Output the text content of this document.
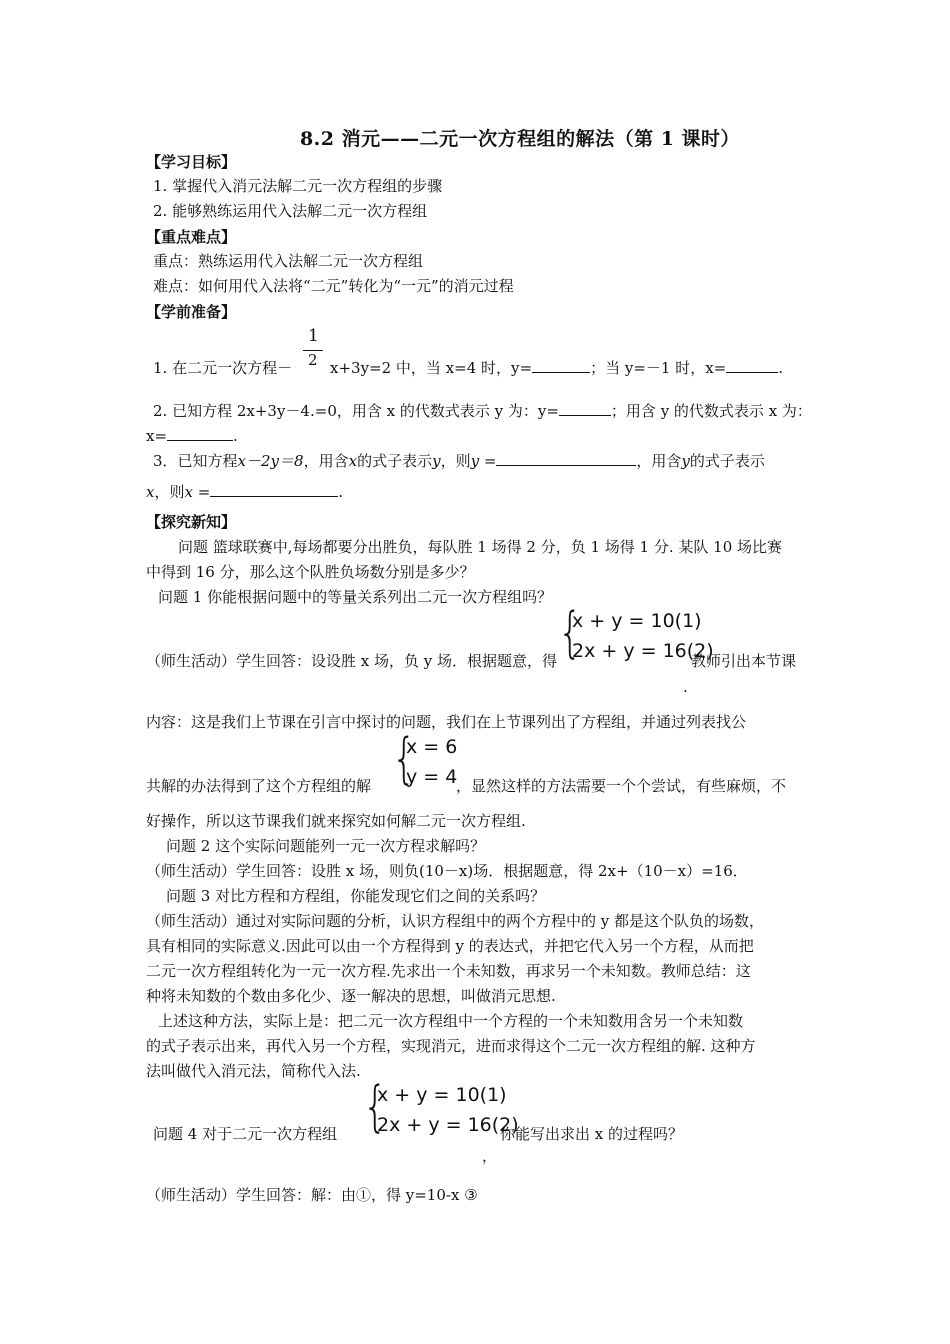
8.2 消元——二元一次方程组的解法（第 1 课时）
【学习目标】
1. 掌握代入消元法解二元一次方程组的步骤
2. 能够熟练运用代入法解二元一次方程组
【重点难点】
重点：熟练运用代入法解二元一次方程组
难点：如何用代入法将“二元”转化为“一元”的消元过程
【学前准备】
1. 在二元一次方程－
1
2 x+3y=2 中，当 x=4 时，y=	；当 y=－1 时，x=	.
2. 已知方程 2x+3y－4.=0，用含 x 的代数式表示 y 为：y=	；用含 y 的代数式表示 x 为：
x=	.
3．已知方程x－2y＝8，用含x的式子表示y，则y =	，用含y的式子表示
x，则x =	.
【探究新知】
问题 篮球联赛中,每场都要分出胜负，每队胜 1 场得 2 分，负 1 场得 1 分. 某队 10 场比赛
中得到 16 分，那么这个队胜负场数分别是多少？
问题 1 你能根据问题中的等量关系列出二元一次方程组吗？
{
x + y = 10(1)
2x + y = 16(2)
（师生活动）学生回答：设设胜 x 场，负 y 场．根据题意，得	教师引出本节课
.
内容：这是我们上节课在引言中探讨的问题，我们在上节课列出了方程组，并通过列表找公
{
x = 6
y = 4
共解的办法得到了这个方程组的解	，显然这样的方法需要一个个尝试，有些麻烦，不
好操作，所以这节课我们就来探究如何解二元一次方程组.
问题 2 这个实际问题能列一元一次方程求解吗？
（师生活动）学生回答：设胜 x 场，则负(10－x)场．根据题意，得 2x+（10－x）=16．
问题 3 对比方程和方程组，你能发现它们之间的关系吗？
（师生活动）通过对实际问题的分析，认识方程组中的两个方程中的 y 都是这个队负的场数，
具有相同的实际意义.因此可以由一个方程得到 y 的表达式，并把它代入另一个方程，从而把
二元一次方程组转化为一元一次方程.先求出一个未知数，再求另一个未知数。教师总结：这
种将未知数的个数由多化少、逐一解决的思想，叫做消元思想.
上述这种方法，实际上是：把二元一次方程组中一个方程的一个未知数用含另一个未知数
的式子表示出来，再代入另一个方程，实现消元，进而求得这个二元一次方程组的解. 这种方
法叫做代入消元法，简称代入法.
{
x + y = 10(1)
2x + y = 16(2)
问题 4 对于二元一次方程组	你能写出求出 x 的过程吗？
，
（师生活动）学生回答：解：由①，得 y=10-x ③
